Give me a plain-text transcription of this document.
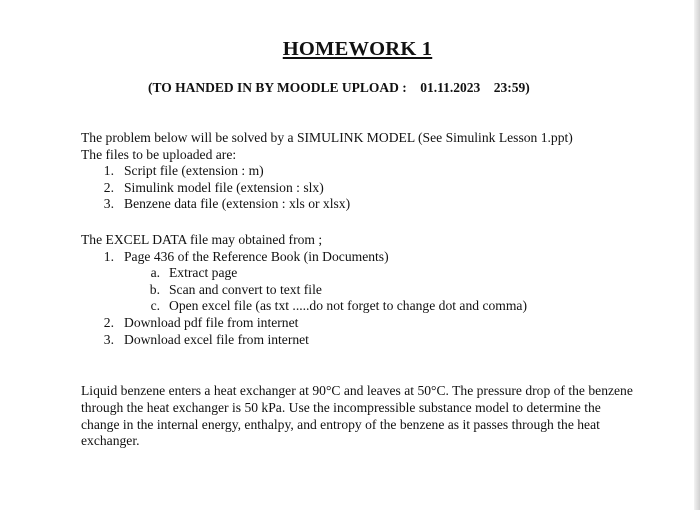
HOMEWORK 1
(TO HANDED IN BY MOODLE UPLOAD :    01.11.2023    23:59)
The problem below will be solved by a SIMULINK MODEL (See Simulink Lesson 1.ppt)
The files to be uploaded are:
1. Script file (extension : m)
2. Simulink model file (extension : slx)
3. Benzene data file (extension : xls or xlsx)
The EXCEL DATA file may obtained from ;
1. Page 436 of the Reference Book (in Documents)
a. Extract page
b. Scan and convert to text file
c. Open excel file (as txt .....do not forget to change dot and comma)
2. Download pdf file from internet
3. Download excel file from internet
Liquid benzene enters a heat exchanger at 90°C and leaves at 50°C. The pressure drop of the benzene through the heat exchanger is 50 kPa. Use the incompressible substance model to determine the change in the internal energy, enthalpy, and entropy of the benzene as it passes through the heat exchanger.
